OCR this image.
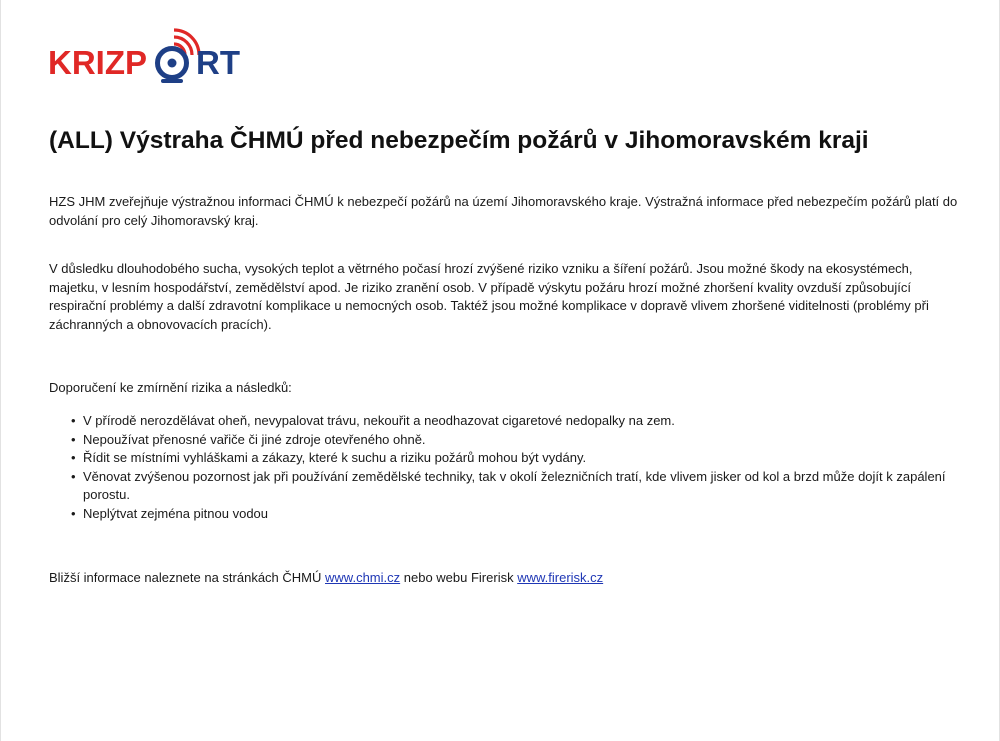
KRIZP RT
(ALL) Výstraha ČHMÚ před nebezpečím požárů v Jihomoravském kraji

HZS JHM zveřejňuje výstražnou informaci ČHMÚ k nebezpečí požárů na území Jihomoravského kraje. Výstražná informace před nebezpečím požárů platí do odvolání pro celý Jihomoravský kraj.

V důsledku dlouhodobého sucha, vysokých teplot a větrného počasí hrozí zvýšené riziko vzniku a šíření požárů. Jsou možné škody na ekosystémech, majetku, v lesním hospodářství, zemědělství apod. Je riziko zranění osob. V případě výskytu požáru hrozí možné zhoršení kvality ovzduší způsobující respirační problémy a další zdravotní komplikace u nemocných osob. Taktéž jsou možné komplikace v dopravě vlivem zhoršené viditelnosti (problémy při záchranných a obnovovacích pracích).

Doporučení ke zmírnění rizika a následků:

• V přírodě nerozdělávat oheň, nevypalovat trávu, nekouřit a neodhazovat cigaretové nedopalky na zem.
• Nepoužívat přenosné vařiče či jiné zdroje otevřeného ohně.
• Řídit se místními vyhláškami a zákazy, které k suchu a riziku požárů mohou být vydány.
• Věnovat zvýšenou pozornost jak při používání zemědělské techniky, tak v okolí železničních tratí, kde vlivem jisker od kol a brzd může dojít k zapálení porostu.
• Neplýtvat zejména pitnou vodou

Bližší informace naleznete na stránkách ČHMÚ www.chmi.cz nebo webu Firerisk www.firerisk.cz
